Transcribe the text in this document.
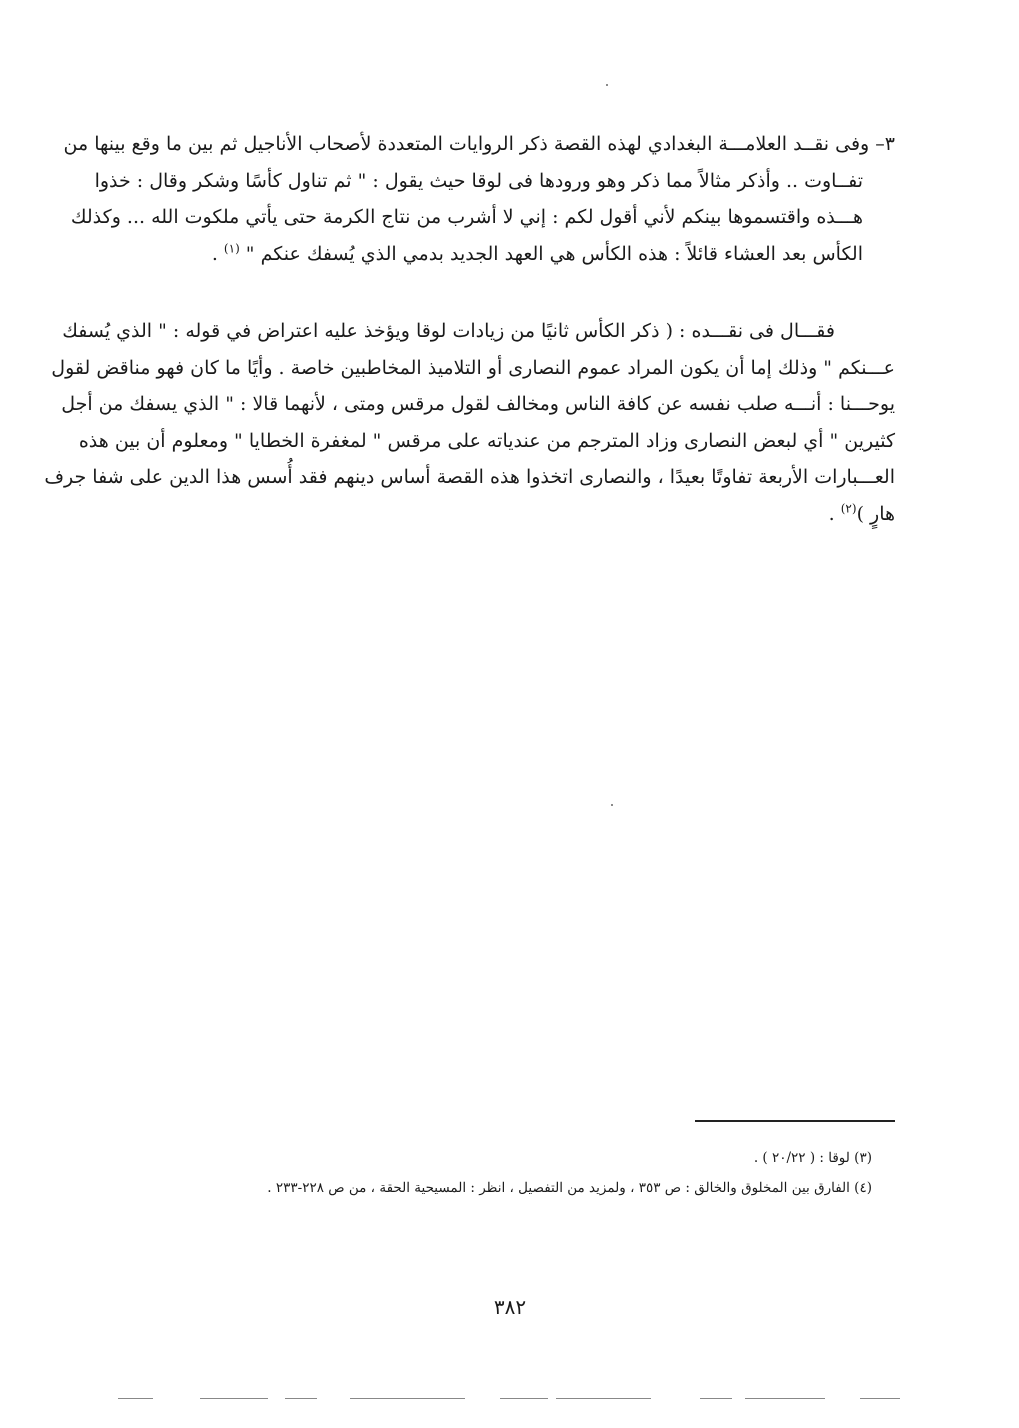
٣– وفى نقــد العلامـــة البغدادي لهذه القصة ذكر الروايات المتعددة لأصحاب الأناجيل ثم بين ما وقع بينها من
تفــاوت .. وأذكر مثالاً مما ذكر وهو ورودها فى لوقا حيث يقول : " ثم تناول كأسًا وشكر وقال : خذوا
هـــذه واقتسموها بينكم لأني أقول لكم : إني لا أشرب من نتاج الكرمة حتى يأتي ملكوت الله ... وكذلك
الكأس بعد العشاء قائلاً : هذه الكأس هي العهد الجديد بدمي الذي يُسفك عنكم " $^{(١)}$ .
فقـــال فى نقـــده : ( ذكر الكأس ثانيًا من زيادات لوقا ويؤخذ عليه اعتراض في قوله : " الذي يُسفك
عـــنكم " وذلك إما أن يكون المراد عموم النصارى أو التلاميذ المخاطبين خاصة . وأيًا ما كان فهو مناقض لقول
يوحـــنا : أنـــه صلب نفسه عن كافة الناس ومخالف لقول مرقس ومتى ، لأنهما قالا : " الذي يسفك من أجل
كثيرين " أي لبعض النصارى وزاد المترجم من عندياته على مرقس " لمغفرة الخطايا " ومعلوم أن بين هذه
العـــبارات الأربعة تفاوتًا بعيدًا ، والنصارى اتخذوا هذه القصة أساس دينهم فقد أُسس هذا الدين على شفا جرف
هارٍ )$^{(٢)}$ .
(٣) لوقا : ( ٢٠/٢٢ ) .
(٤) الفارق بين المخلوق والخالق : ص ٣٥٣ ، ولمزيد من التفصيل ، انظر : المسيحية الحقة ، من ص ٢٢٨-٢٣٣ .
٣٨٢
